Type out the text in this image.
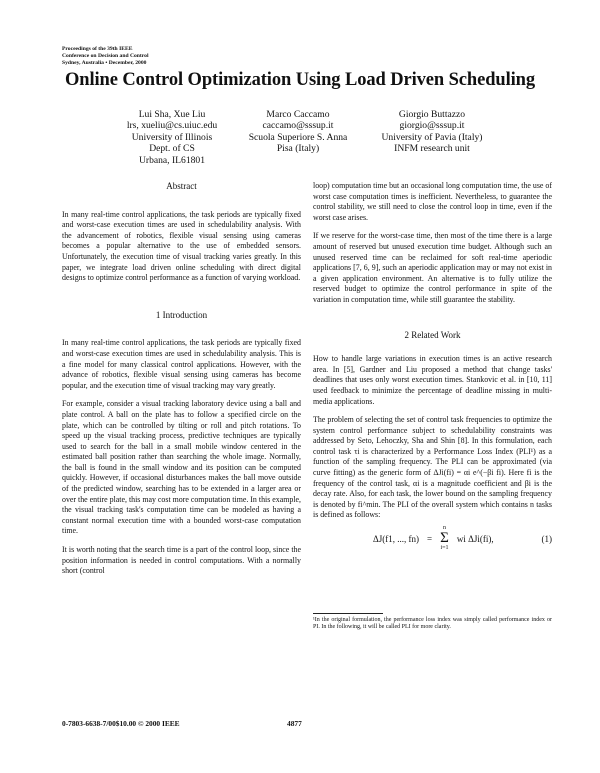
Proceedings of the 39th IEEE
Conference on Decision and Control
Sydney, Australia • December, 2000
Online Control Optimization Using Load Driven Scheduling
Lui Sha, Xue Liu
lrs, xueliu@cs.uiuc.edu
University of Illinois
Dept. of CS
Urbana, IL61801
Marco Caccamo
caccamo@sssup.it
Scuola Superiore S. Anna
Pisa (Italy)
Giorgio Buttazzo
giorgio@sssup.it
University of Pavia (Italy)
INFM research unit

Abstract

In many real-time control applications, the task periods are typically fixed and worst-case execution times are used in schedulability analysis. With the advancement of robotics, flexible visual sensing using cameras becomes a popular alternative to the use of embedded sensors. Unfortunately, the execution time of visual tracking varies greatly. In this paper, we integrate load driven online scheduling with direct digital designs to optimize control performance as a function of varying workload.

1 Introduction

In many real-time control applications, the task periods are typically fixed and worst-case execution times are used in schedulability analysis. This is a fine model for many classical control applications. However, with the advance of robotics, flexible visual sensing using cameras has become popular, and the execution time of visual tracking may vary greatly.

For example, consider a visual tracking laboratory device using a ball and plate control. A ball on the plate has to follow a specified circle on the plate, which can be controlled by tilting or roll and pitch rotations. To speed up the visual tracking process, predictive techniques are typically used to search for the ball in a small mobile window centered in the estimated ball position rather than searching the whole image. Normally, the ball is found in the small window and its position can be computed quickly. However, if occasional disturbances makes the ball move outside of the predicted window, searching has to be extended in a larger area or over the entire plate, this may cost more computation time. In this example, the visual tracking task's computation time can be modeled as having a constant normal execution time with a bounded worst-case computation time.

It is worth noting that the search time is a part of the control loop, since the position information is needed in control computations. With a normally short (control

loop) computation time but an occasional long computation time, the use of worst case computation times is inefficient. Nevertheless, to guarantee the control stability, we still need to close the control loop in time, even if the worst case arises.

If we reserve for the worst-case time, then most of the time there is a large amount of reserved but unused execution time budget. Although such an unused reserved time can be reclaimed for soft real-time aperiodic applications [7, 6, 9], such an aperiodic application may or may not exist in a given application environment. An alternative is to fully utilize the reserved budget to optimize the control performance in spite of the variation in computation time, while still guarantee the stability.

2 Related Work

How to handle large variations in execution times is an active research area. In [5], Gardner and Liu proposed a method that change tasks' deadlines that uses only worst execution times. Stankovic et al. in [10, 11] used feedback to minimize the percentage of deadline missing in multi-media applications.

The problem of selecting the set of control task frequencies to optimize the system control performance subject to schedulability constraints was addressed by Seto, Lehoczky, Sha and Shin [8]. In this formulation, each control task τi is characterized by a Performance Loss Index (PLI¹) as a function of the sampling frequency. The PLI can be approximated (via curve fitting) as the generic form of ΔJi(fi) = αi e^(−βi fi). Here fi is the frequency of the control task, αi is a magnitude coefficient and βi is the decay rate. Also, for each task, the lower bound on the sampling frequency is denoted by fi^min. The PLI of the overall system which contains n tasks is defined as follows:

ΔJ(f1, ..., fn) =
n
Σ
i=1
wi ΔJi(fi),	(1)
¹In the original formulation, the performance loss index was simply called performance index or PI. In the following, it will be called PLI for more clarity.
0-7803-6638-7/00$10.00 © 2000 IEEE	4877
